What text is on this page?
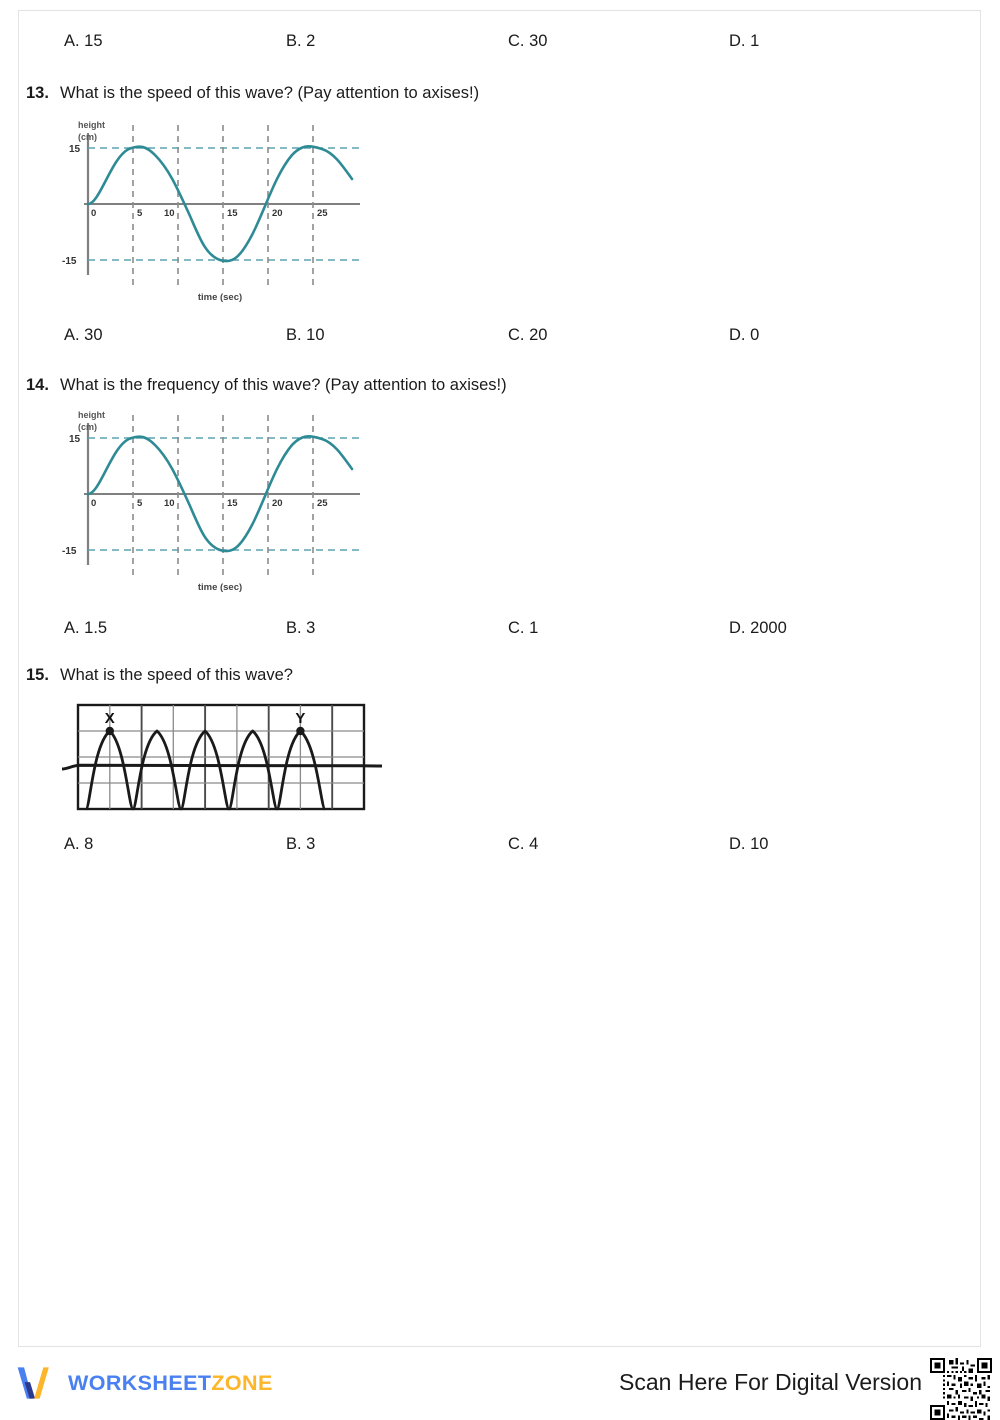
A. 15	B. 2	C. 30	D. 1
13. What is the speed of this wave? (Pay attention to axises!)
height
(cm)
15
-15
0	5 10	15	20	25
time (sec)
A. 30	B. 10	C. 20	D. 0
14. What is the frequency of this wave? (Pay attention to axises!)
height
(cm)
15
-15
0	5 10	15	20	25
time (sec)
A. 1.5	B. 3	C. 1	D. 2000
15. What is the speed of this wave?
X	Y
A. 8	B. 3	C. 4	D. 10
WORKSHEETZONE	Scan Here For Digital Version
